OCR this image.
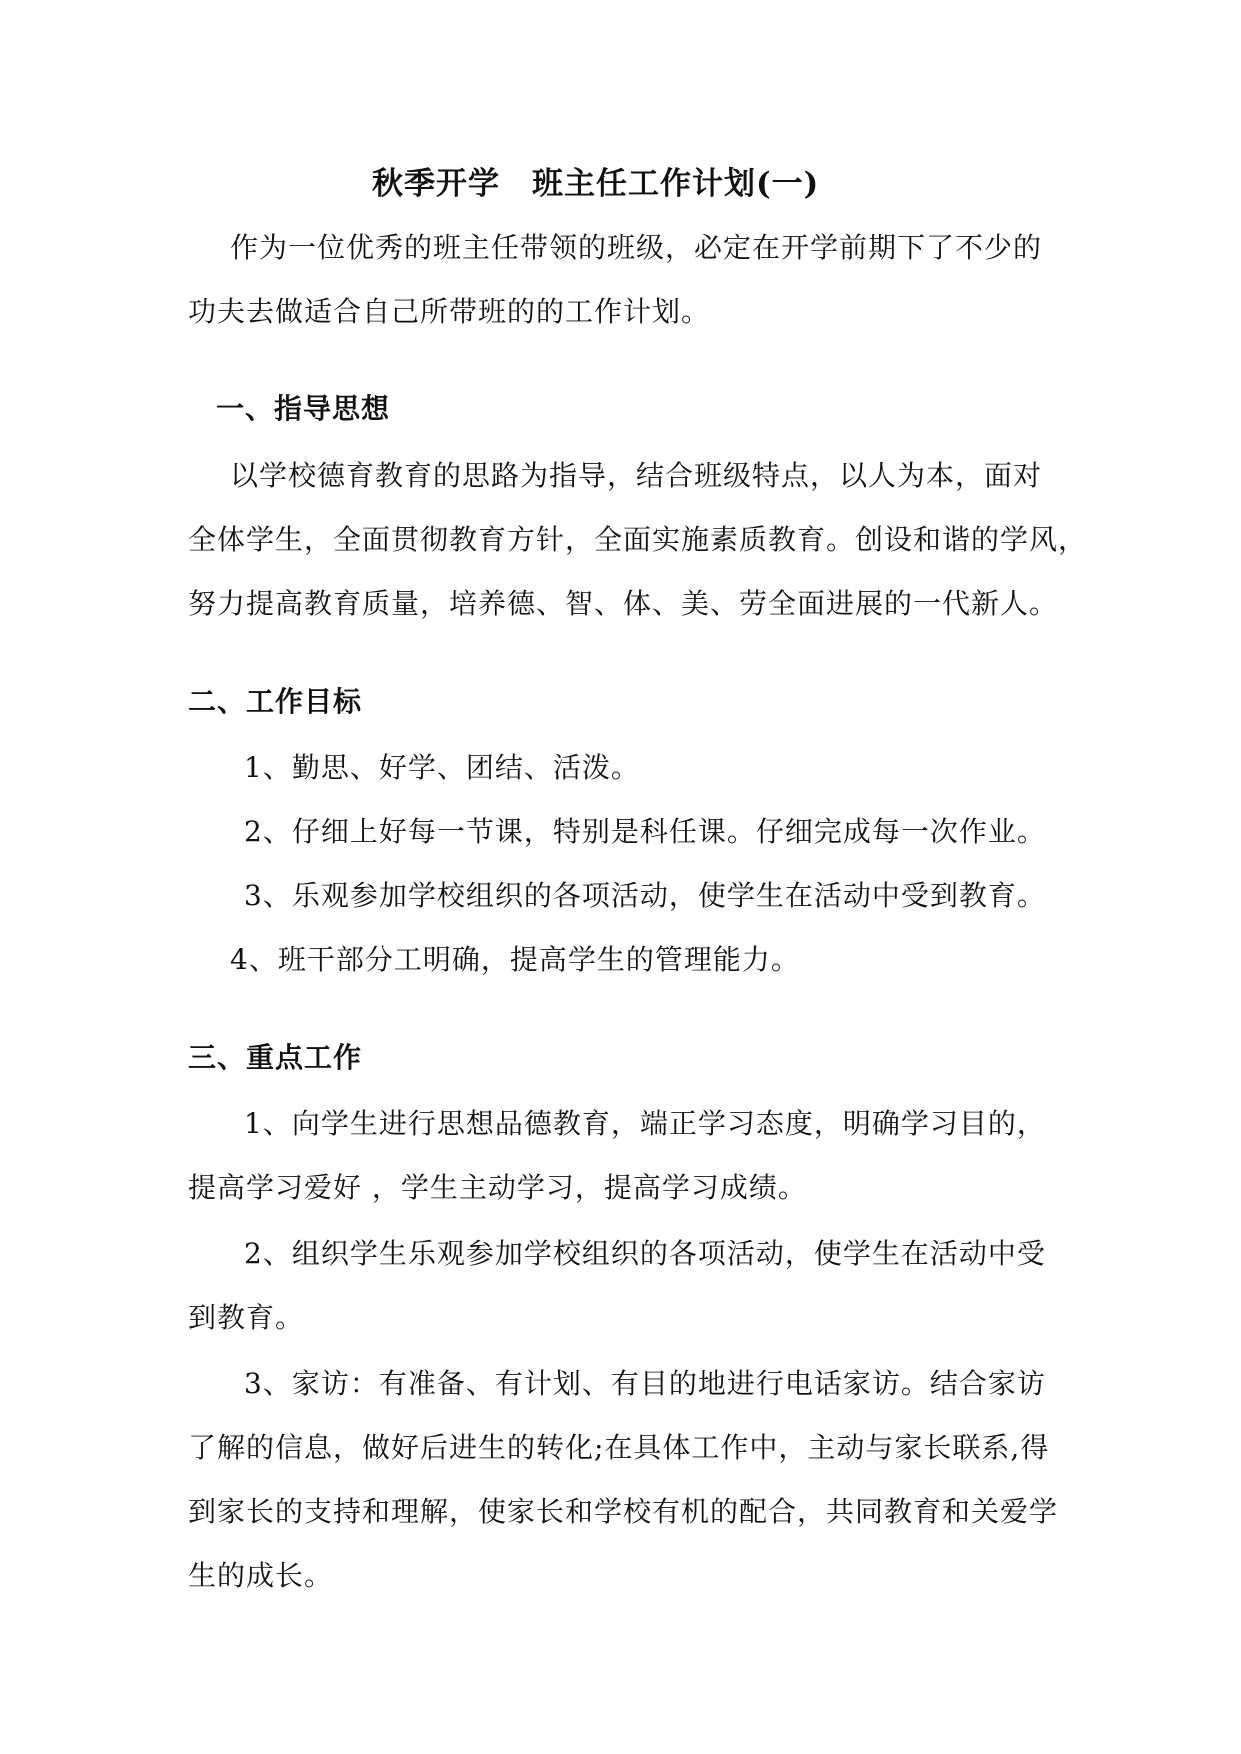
秋季开学　班主任工作计划(一)
作为一位优秀的班主任带领的班级，必定在开学前期下了不少的
功夫去做适合自己所带班的的工作计划。
一、指导思想
以学校德育教育的思路为指导，结合班级特点，以人为本，面对
全体学生，全面贯彻教育方针，全面实施素质教育。创设和谐的学风，
努力提高教育质量，培养德、智、体、美、劳全面进展的一代新人。
二、工作目标
1、勤思、好学、团结、活泼。
2、仔细上好每一节课，特别是科任课。仔细完成每一次作业。
3、乐观参加学校组织的各项活动，使学生在活动中受到教育。
4、班干部分工明确，提高学生的管理能力。
三、重点工作
1、向学生进行思想品德教育，端正学习态度，明确学习目的，
提高学习爱好 ，学生主动学习，提高学习成绩。
2、组织学生乐观参加学校组织的各项活动，使学生在活动中受
到教育。
3、家访：有准备、有计划、有目的地进行电话家访。结合家访
了解的信息，做好后进生的转化;在具体工作中，主动与家长联系,得
到家长的支持和理解，使家长和学校有机的配合，共同教育和关爱学
生的成长。
